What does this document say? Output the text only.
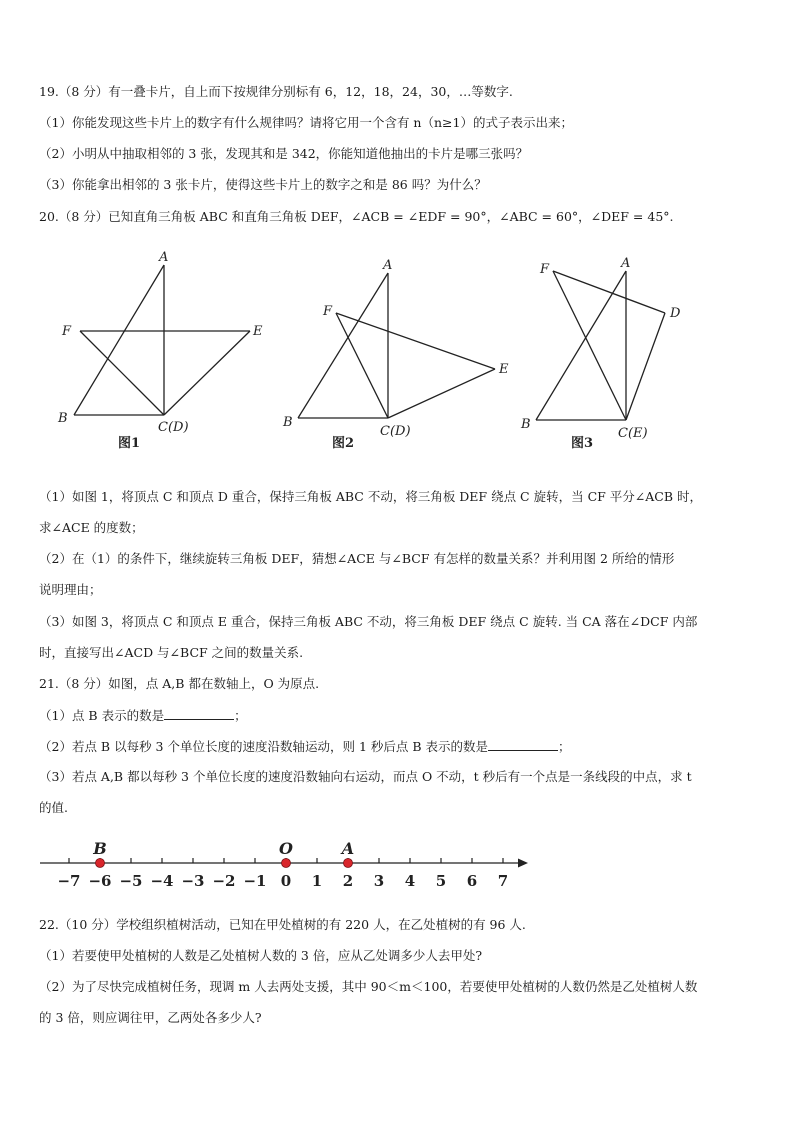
19.（8 分）有一叠卡片，自上而下按规律分别标有 6，12，18，24，30，…等数字.
（1）你能发现这些卡片上的数字有什么规律吗？请将它用一个含有 n（n≥1）的式子表示出来；
（2）小明从中抽取相邻的 3 张，发现其和是 342，你能知道他抽出的卡片是哪三张吗？
（3）你能拿出相邻的 3 张卡片，使得这些卡片上的数字之和是 86 吗？为什么？
20.（8 分）已知直角三角板 ABC 和直角三角板 DEF，∠ACB = ∠EDF = 90°，∠ABC = 60°，∠DEF = 45°.
A
B
C(D)
F	E
A
B
C(D)
F
E
A
B
C(E)
F
D
图1	图2	图3
（1）如图 1，将顶点 C 和顶点 D 重合，保持三角板 ABC 不动，将三角板 DEF 绕点 C 旋转，当 CF 平分∠ACB 时，
求∠ACE 的度数；
（2）在（1）的条件下，继续旋转三角板 DEF，猜想∠ACE 与∠BCF 有怎样的数量关系？并利用图 2 所给的情形
说明理由；
（3）如图 3，将顶点 C 和顶点 E 重合，保持三角板 ABC 不动，将三角板 DEF 绕点 C 旋转. 当 CA 落在∠DCF 内部
时，直接写出∠ACD 与∠BCF 之间的数量关系.
21.（8 分）如图，点 A,B 都在数轴上，O 为原点.
（1）点 B 表示的数是	；
（2）若点 B 以每秒 3 个单位长度的速度沿数轴运动，则 1 秒后点 B 表示的数是	；
（3）若点 A,B 都以每秒 3 个单位长度的速度沿数轴向右运动，而点 O 不动，t 秒后有一个点是一条线段的中点，求 t
的值.
−7 −6 −5 −4 −3 −2 −1 0 1 2 3 4 5 6 7
B	O	A
22.（10 分）学校组织植树活动，已知在甲处植树的有 220 人，在乙处植树的有 96 人.
（1）若要使甲处植树的人数是乙处植树人数的 3 倍，应从乙处调多少人去甲处?
（2）为了尽快完成植树任务，现调 m 人去两处支援，其中 90＜m＜100，若要使甲处植树的人数仍然是乙处植树人数
的 3 倍，则应调往甲，乙两处各多少人?
